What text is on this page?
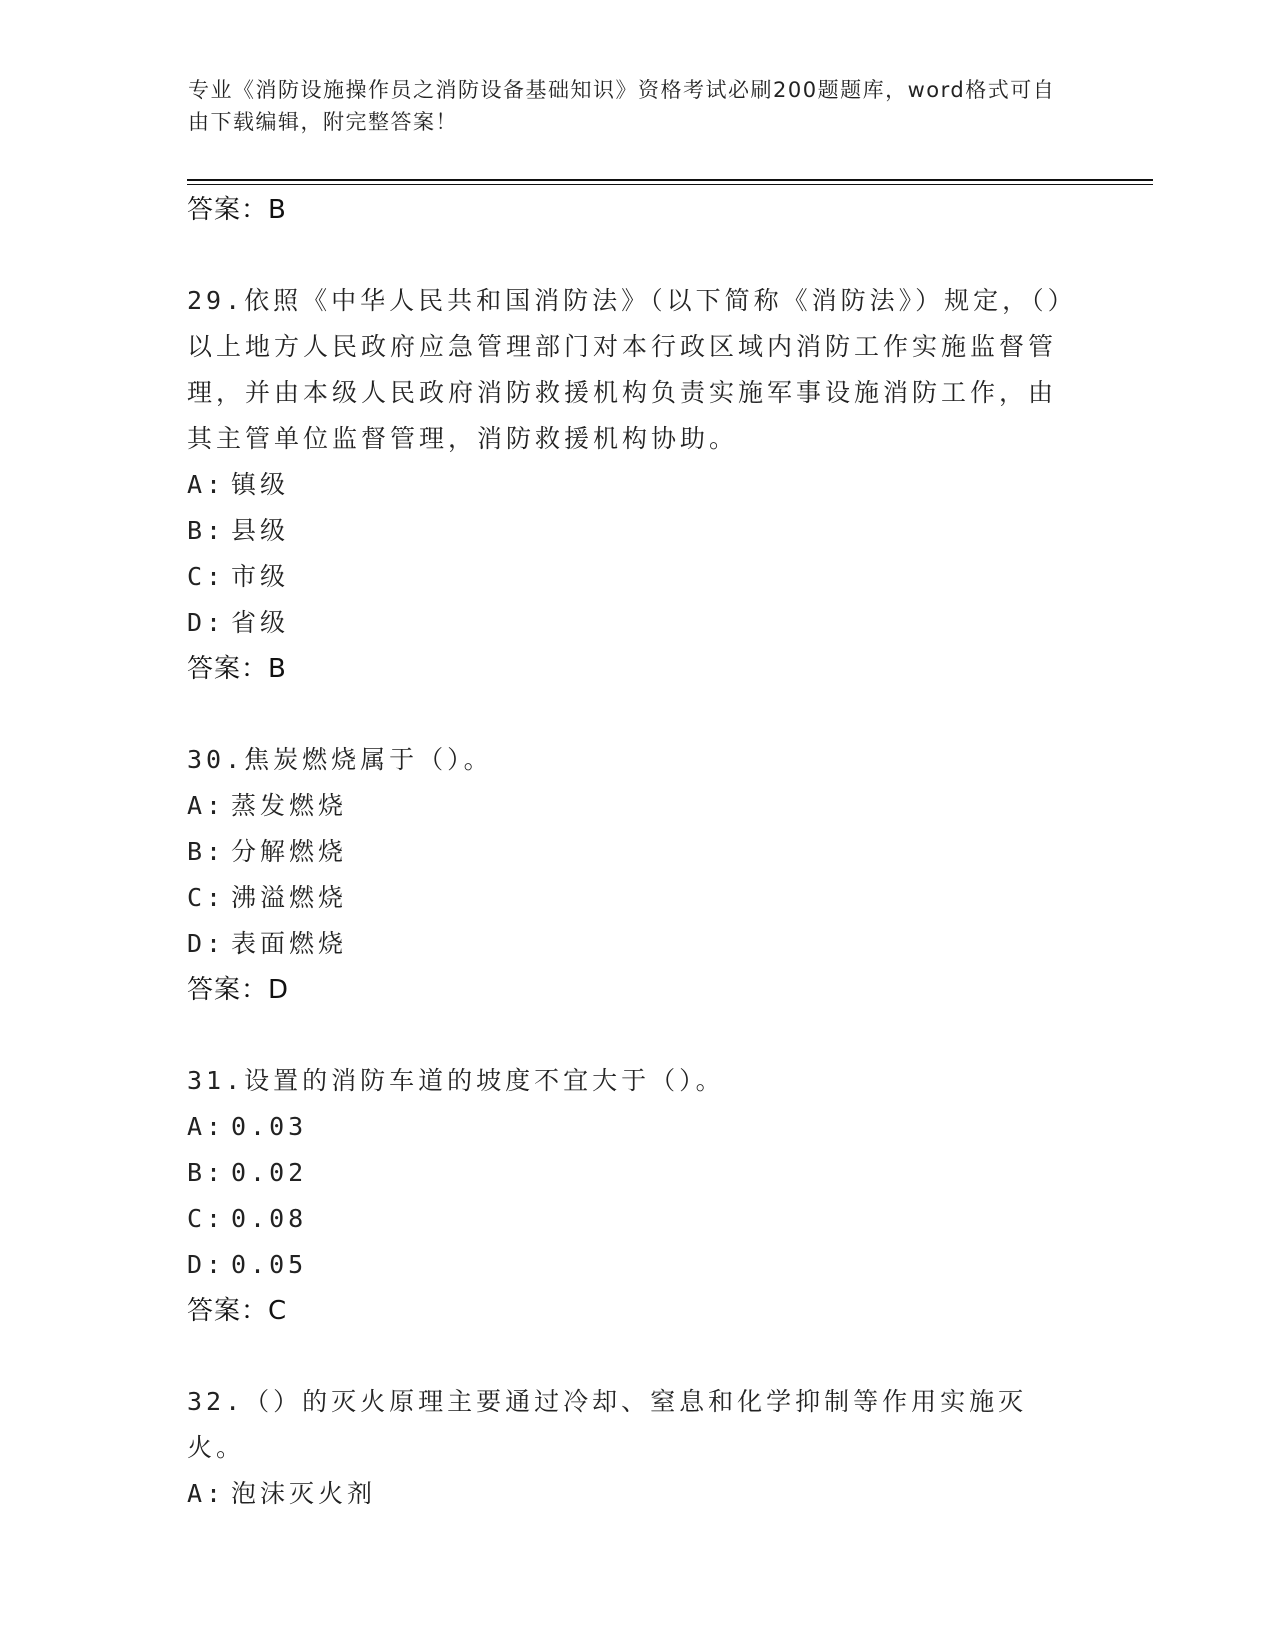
专业《消防设施操作员之消防设备基础知识》资格考试必刷200题题库，word格式可自由下载编辑，附完整答案！
答案：B
29.依照《中华人民共和国消防法》（以下简称《消防法》）规定，（）以上地方人民政府应急管理部门对本行政区域内消防工作实施监督管理，并由本级人民政府消防救援机构负责实施军事设施消防工作，由其主管单位监督管理，消防救援机构协助。
A: 镇级
B: 县级
C: 市级
D: 省级
答案：B
30.焦炭燃烧属于（）。
A: 蒸发燃烧
B: 分解燃烧
C: 沸溢燃烧
D: 表面燃烧
答案：D
31.设置的消防车道的坡度不宜大于（）。
A: 0.03
B: 0.02
C: 0.08
D: 0.05
答案：C
32.（）的灭火原理主要通过冷却、窒息和化学抑制等作用实施灭火。
A: 泡沫灭火剂
